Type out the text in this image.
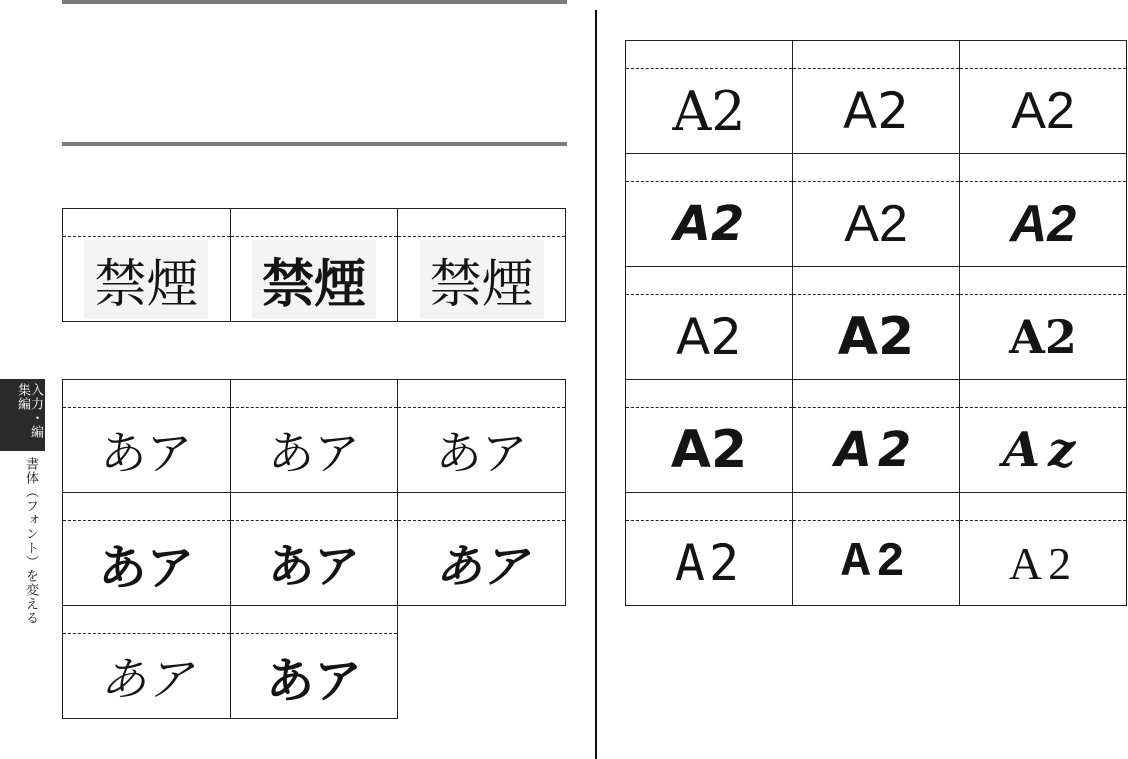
入力・編集編
書体（フォント）を変える
禁煙	禁煙	禁煙
あア	あア	あア

あア	あア	あア

あア	あア	

A2	A2	A2

A2	A2	A2

A2	A2	A2

A2	A2	Az

A2	A2	A2
